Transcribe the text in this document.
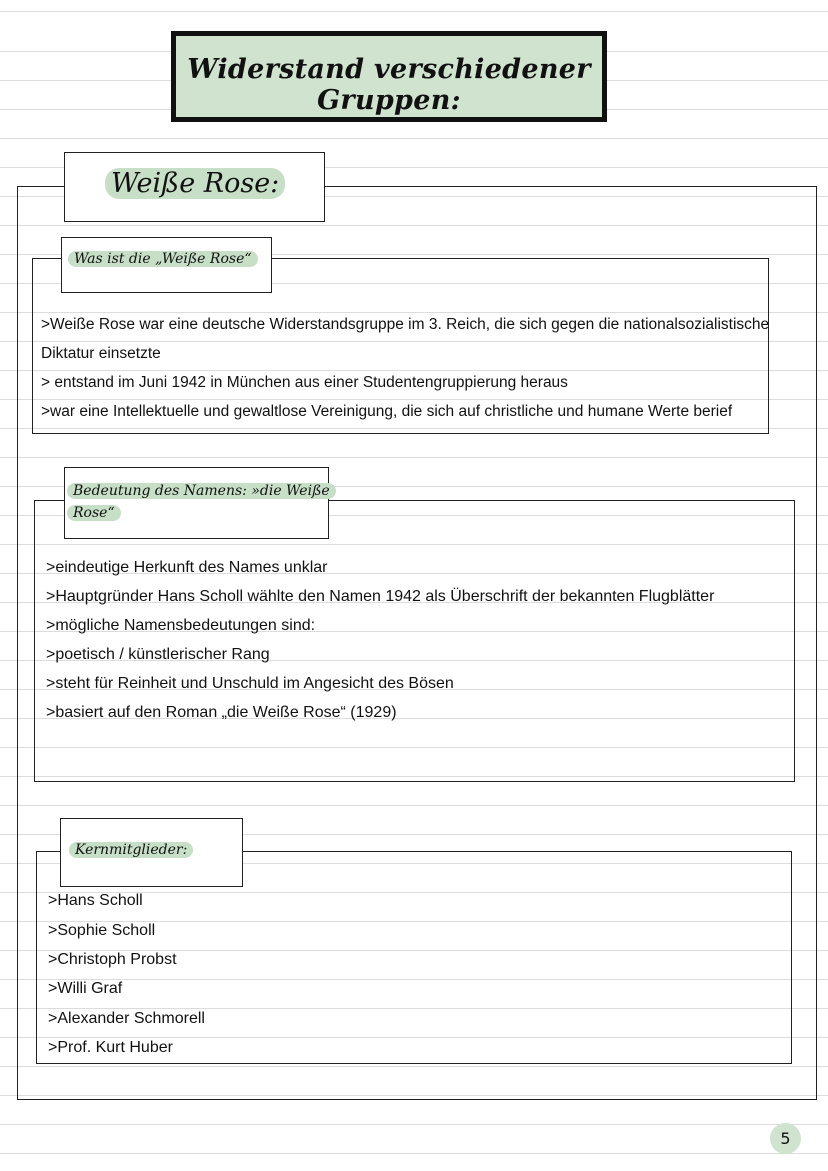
Widerstand verschiedener Gruppen:
Weiße Rose:
Was ist die „Weiße Rose“
>Weiße Rose war eine deutsche Widerstandsgruppe im 3. Reich, die sich gegen die nationalsozialistische
Diktatur einsetzte
> entstand im Juni 1942 in München aus einer Studentengruppierung heraus
>war eine Intellektuelle und gewaltlose Vereinigung, die sich auf christliche und humane Werte berief
Bedeutung des Namens: »die Weiße
Rose“
>eindeutige Herkunft des Names unklar
>Hauptgründer Hans Scholl wählte den Namen 1942 als Überschrift der bekannten Flugblätter
>mögliche Namensbedeutungen sind:
>poetisch / künstlerischer Rang
>steht für Reinheit und Unschuld im Angesicht des Bösen
>basiert auf den Roman „die Weiße Rose“ (1929)
Kernmitglieder:
>Hans Scholl
>Sophie Scholl
>Christoph Probst
>Willi Graf
>Alexander Schmorell
>Prof. Kurt Huber
5
